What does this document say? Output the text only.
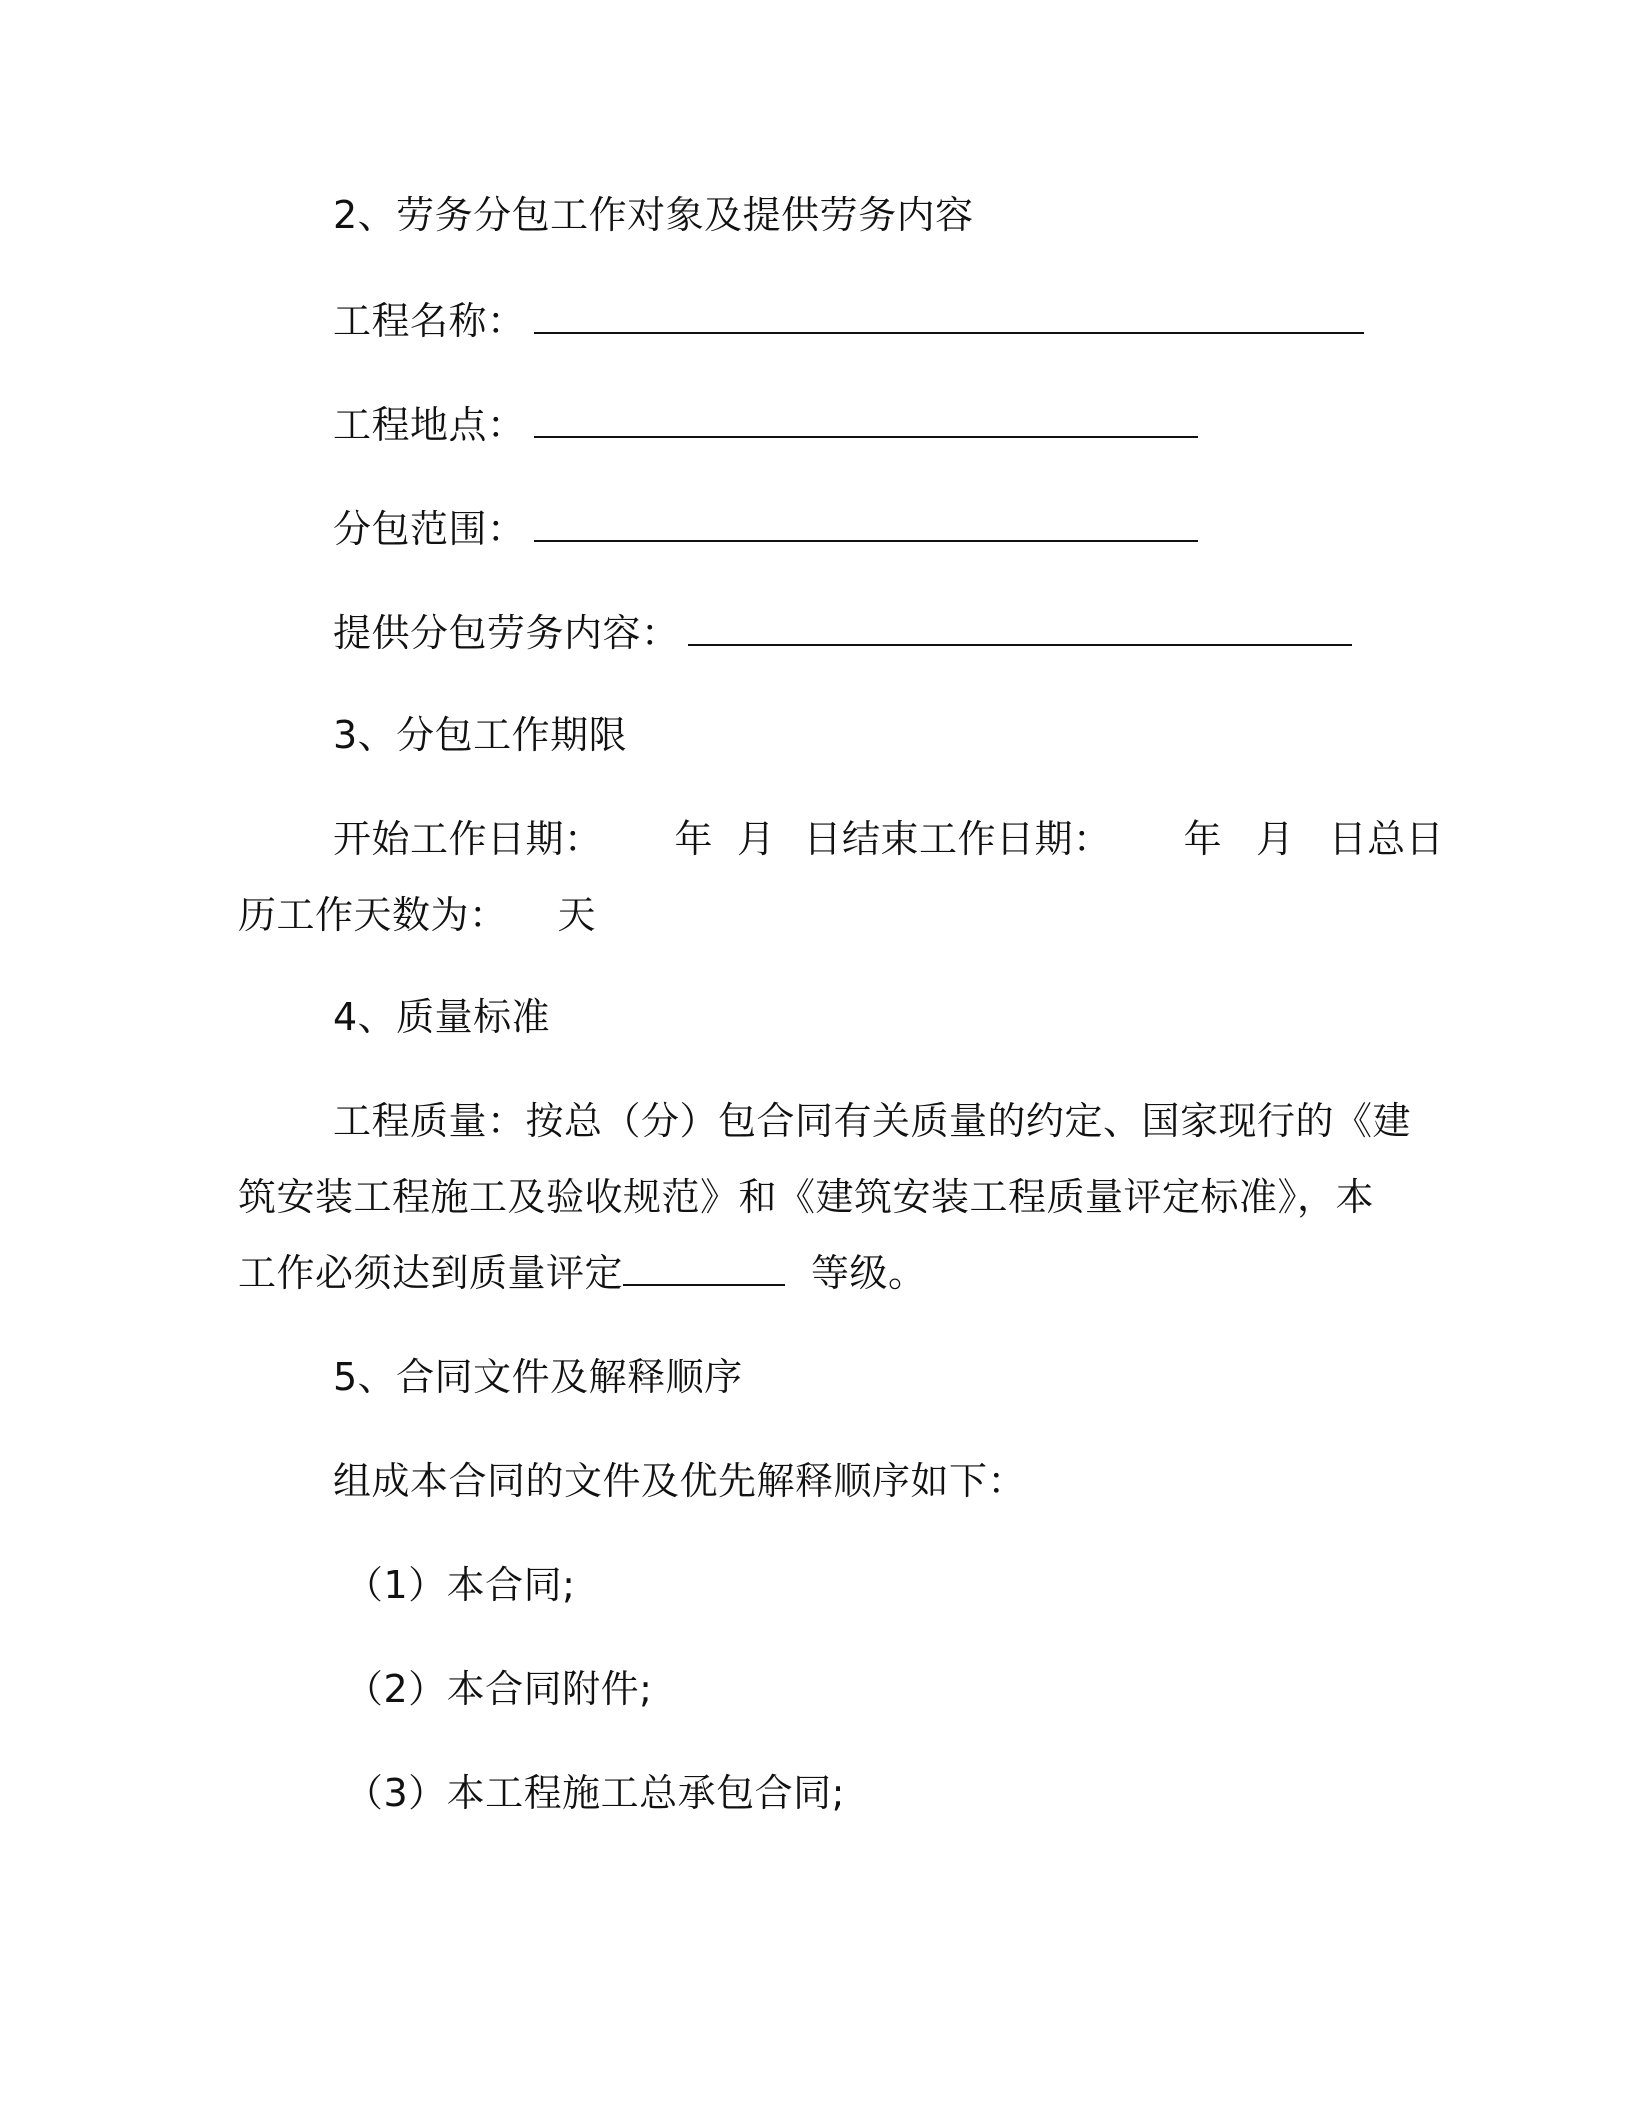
2、劳务分包工作对象及提供劳务内容
工程名称：
工程地点：
分包范围：
提供分包劳务内容：
3、分包工作期限
开始工作日期： 年 月 日结束工作日期： 年 月 日总日
历工作天数为： 天
4、质量标准
工程质量：按总（分）包合同有关质量的约定、国家现行的《建
筑安装工程施工及验收规范》和《建筑安装工程质量评定标准》，本
工作必须达到质量评定	等级。
5、合同文件及解释顺序
组成本合同的文件及优先解释顺序如下：
（1）本合同;
（2）本合同附件;
（3）本工程施工总承包合同;
